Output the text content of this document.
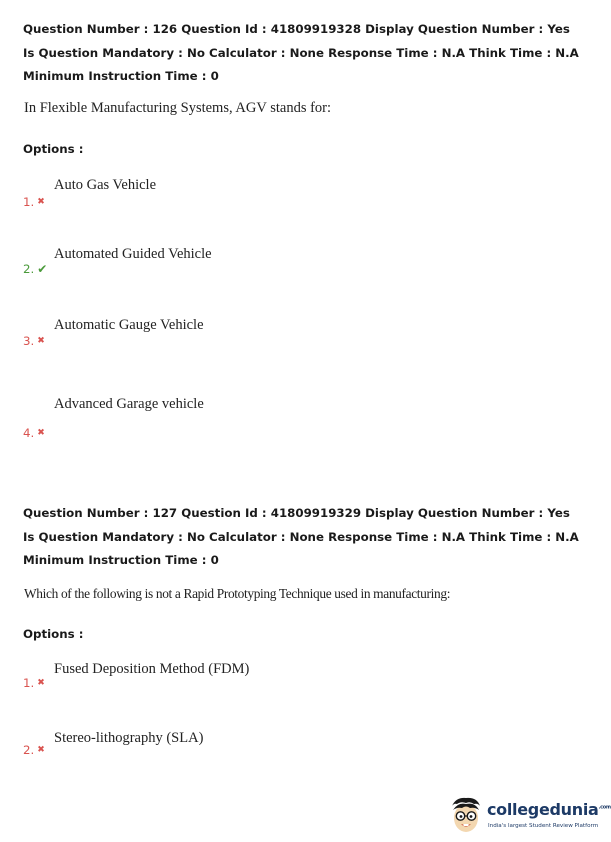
Question Number : 126 Question Id : 41809919328 Display Question Number : Yes Is Question Mandatory : No Calculator : None Response Time : N.A Think Time : N.A Minimum Instruction Time : 0
In Flexible Manufacturing Systems, AGV stands for:
Options :
Auto Gas Vehicle
1. ✖
Automated Guided Vehicle
2. ✔
Automatic Gauge Vehicle
3. ✖
Advanced Garage vehicle
4. ✖
Question Number : 127 Question Id : 41809919329 Display Question Number : Yes Is Question Mandatory : No Calculator : None Response Time : N.A Think Time : N.A Minimum Instruction Time : 0
Which of the following is not a Rapid Prototyping Technique used in manufacturing:
Options :
Fused Deposition Method (FDM)
1. ✖
Stereo-lithography (SLA)
2. ✖
collegedunia$^{.com}$
India's largest Student Review Platform
